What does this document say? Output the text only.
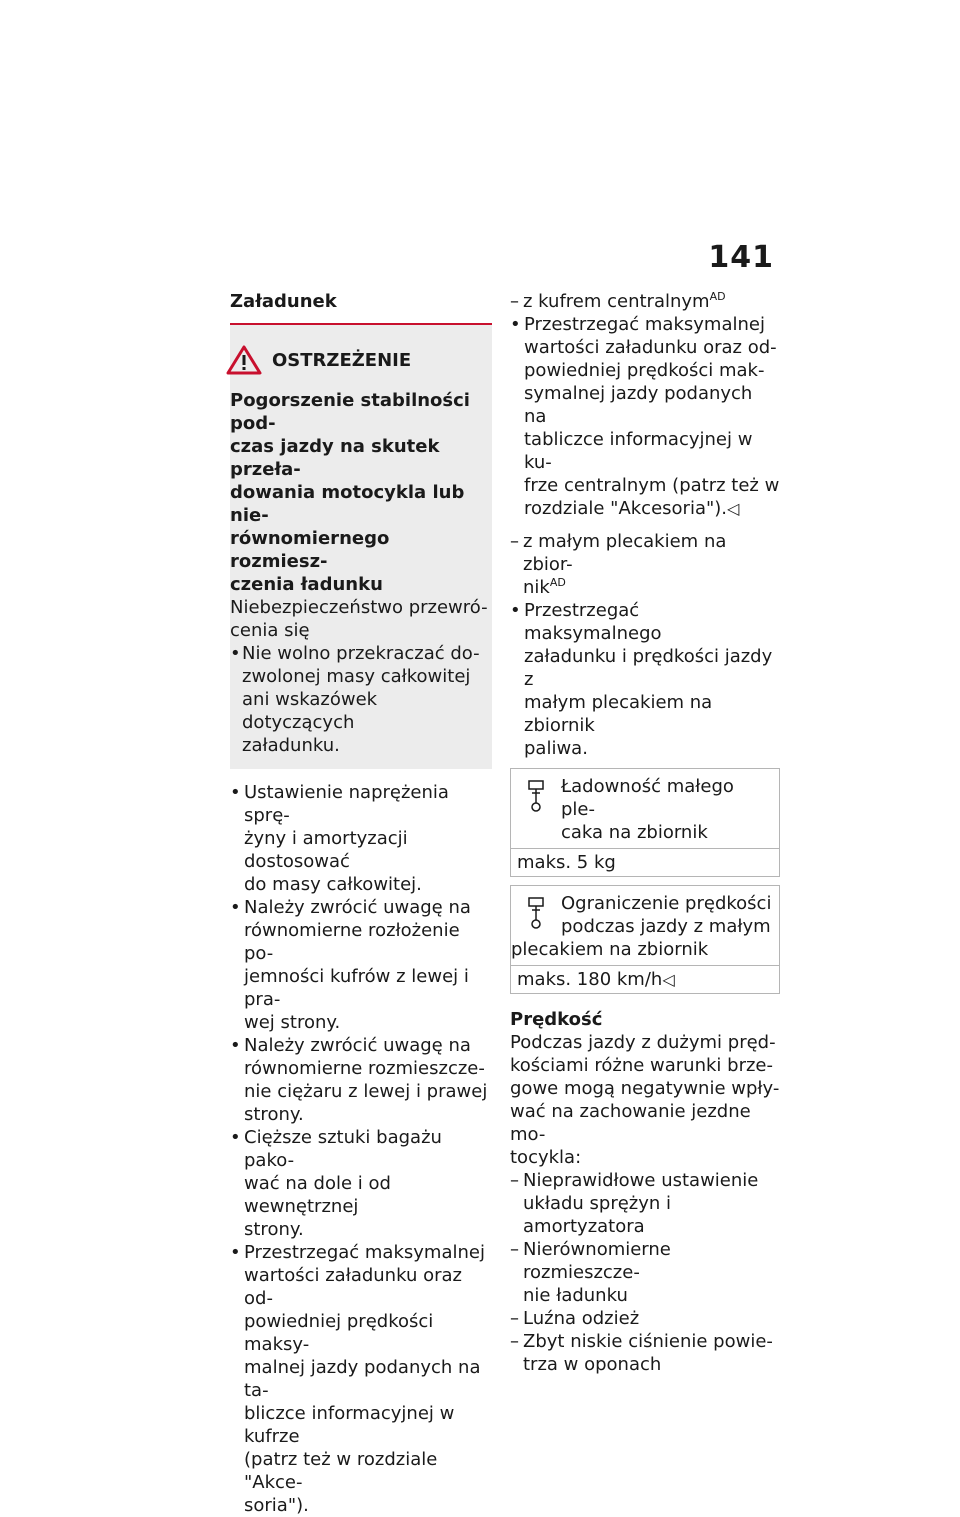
141
Załadunek
OSTRZEŻENIE
Pogorszenie stabilności pod-
czas jazdy na skutek przeła-
dowania motocykla lub nie-
równomiernego rozmiesz-
czenia ładunku
Niebezpieczeństwo przewró-
cenia się
• Nie wolno przekraczać do-
zwolonej masy całkowitej
ani wskazówek dotyczących
załadunku.
• Ustawienie naprężenia sprę-
żyny i amortyzacji dostosować
do masy całkowitej.
• Należy zwrócić uwagę na
równomierne rozłożenie po-
jemności kufrów z lewej i pra-
wej strony.
• Należy zwrócić uwagę na
równomierne rozmieszcze-
nie ciężaru z lewej i prawej
strony.
• Cięższe sztuki bagażu pako-
wać na dole i od wewnętrznej
strony.
• Przestrzegać maksymalnej
wartości załadunku oraz od-
powiedniej prędkości maksy-
malnej jazdy podanych na ta-
bliczce informacyjnej w kufrze
(patrz też w rozdziale "Akce-
soria").
– z kufrem centralnym$^{AD}$
• Przestrzegać maksymalnej
wartości załadunku oraz od-
powiedniej prędkości mak-
symalnej jazdy podanych na
tabliczce informacyjnej w ku-
frze centralnym (patrz też w
rozdziale "Akcesoria").◁
– z małym plecakiem na zbior-
nik$^{AD}$
• Przestrzegać maksymalnego
załadunku i prędkości jazdy z
małym plecakiem na zbiornik
paliwa.
Ładowność małego ple-
caka na zbiornik
maks. 5 kg
Ograniczenie prędkości
podczas jazdy z małym
plecakiem na zbiornik
maks. 180 km/h◁
Prędkość
Podczas jazdy z dużymi pręd-
kościami różne warunki brze-
gowe mogą negatywnie wpły-
wać na zachowanie jezdne mo-
tocykla:
– Nieprawidłowe ustawienie
układu sprężyn i amortyzatora
– Nierównomierne rozmieszcze-
nie ładunku
– Luźna odzież
– Zbyt niskie ciśnienie powie-
trza w oponach
